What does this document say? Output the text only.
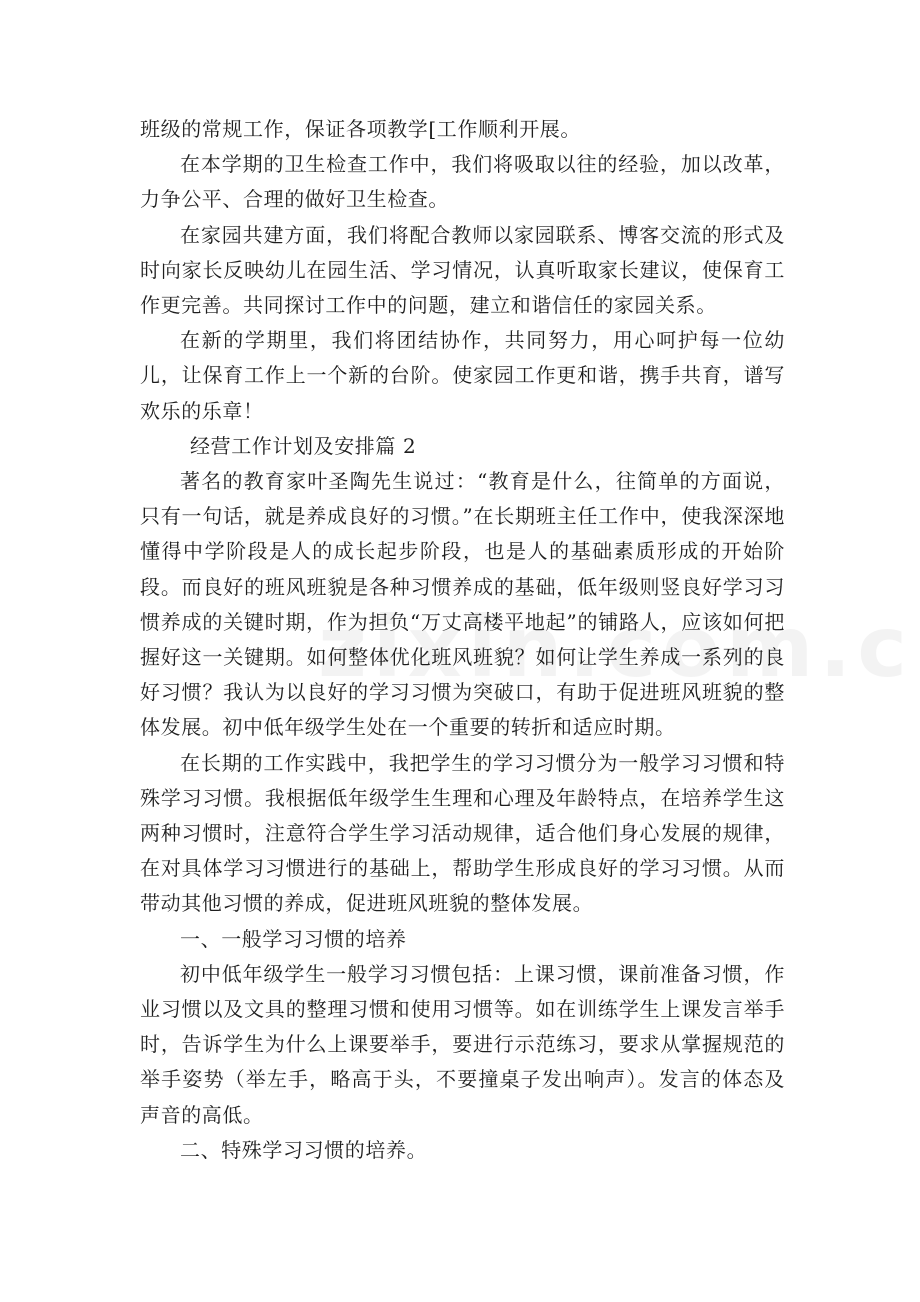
班级的常规工作，保证各项教学[工作顺利开展。

在本学期的卫生检查工作中，我们将吸取以往的经验，加以改革，力争公平、合理的做好卫生检查。

在家园共建方面，我们将配合教师以家园联系、博客交流的形式及时向家长反映幼儿在园生活、学习情况，认真听取家长建议，使保育工作更完善。共同探讨工作中的问题，建立和谐信任的家园关系。

在新的学期里，我们将团结协作，共同努力，用心呵护每一位幼儿，让保育工作上一个新的台阶。使家园工作更和谐，携手共育，谱写欢乐的乐章！

经营工作计划及安排篇 2

著名的教育家叶圣陶先生说过：“教育是什么，往简单的方面说，只有一句话，就是养成良好的习惯。”在长期班主任工作中，使我深深地懂得中学阶段是人的成长起步阶段，也是人的基础素质形成的开始阶段。而良好的班风班貌是各种习惯养成的基础，低年级则竖良好学习习惯养成的关键时期，作为担负“万丈高楼平地起”的铺路人，应该如何把握好这一关键期。如何整体优化班风班貌？如何让学生养成一系列的良好习惯？我认为以良好的学习习惯为突破口，有助于促进班风班貌的整体发展。初中低年级学生处在一个重要的转折和适应时期。

在长期的工作实践中，我把学生的学习习惯分为一般学习习惯和特殊学习习惯。我根据低年级学生生理和心理及年龄特点，在培养学生这两种习惯时，注意符合学生学习活动规律，适合他们身心发展的规律，在对具体学习习惯进行的基础上，帮助学生形成良好的学习习惯。从而带动其他习惯的养成，促进班风班貌的整体发展。

一、一般学习习惯的培养

初中低年级学生一般学习习惯包括：上课习惯，课前准备习惯，作业习惯以及文具的整理习惯和使用习惯等。如在训练学生上课发言举手时，告诉学生为什么上课要举手，要进行示范练习，要求从掌握规范的举手姿势（举左手，略高于头，不要撞桌子发出响声）。发言的体态及声音的高低。

二、特殊学习习惯的培养。
